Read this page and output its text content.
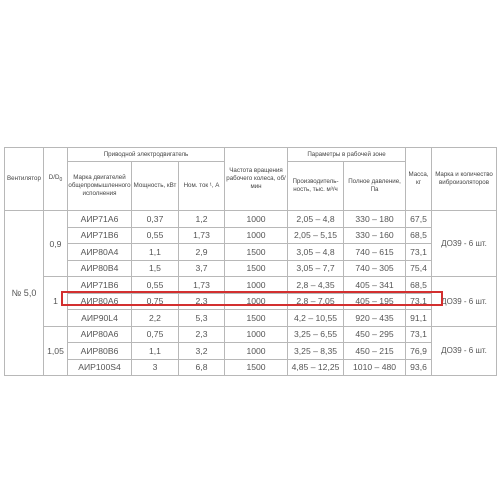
Вентилятор	$D/D_0$	Приводной электродвигатель			Частота вращения рабочего колеса, об/мин	Параметры в рабочей зоне		Масса, кг	Марка и количество виброизоляторов
		Марка двигателей общепромышленного исполнения	Мощность, кВт	Ном. ток ¹, А		Производитель-ность, тыс. м³/ч	Полное давление, Па		
№ 5,0	0,9	АИР71А6	0,37	1,2	1000	2,05 – 4,8	330 – 180	67,5	ДО39 - 6 шт.
		АИР71В6	0,55	1,73	1000	2,05 – 5,15	330 – 160	68,5	
		АИР80А4	1,1	2,9	1500	3,05 – 4,8	740 – 615	73,1	
		АИР80В4	1,5	3,7	1500	3,05 – 7,7	740 – 305	75,4	
	1	АИР71В6	0,55	1,73	1000	2,8 – 4,35	405 – 341	68,5	ДО39 - 6 шт.
		АИР80А6	0,75	2,3	1000	2,8 – 7,05	405 – 195	73,1	
		АИР90L4	2,2	5,3	1500	4,2 – 10,55	920 – 435	91,1	
	1,05	АИР80А6	0,75	2,3	1000	3,25 – 6,55	450 – 295	73,1	ДО39 - 6 шт.
		АИР80В6	1,1	3,2	1000	3,25 – 8,35	450 – 215	76,9	
		АИР100S4	3	6,8	1500	4,85 – 12,25	1010 – 480	93,6	
